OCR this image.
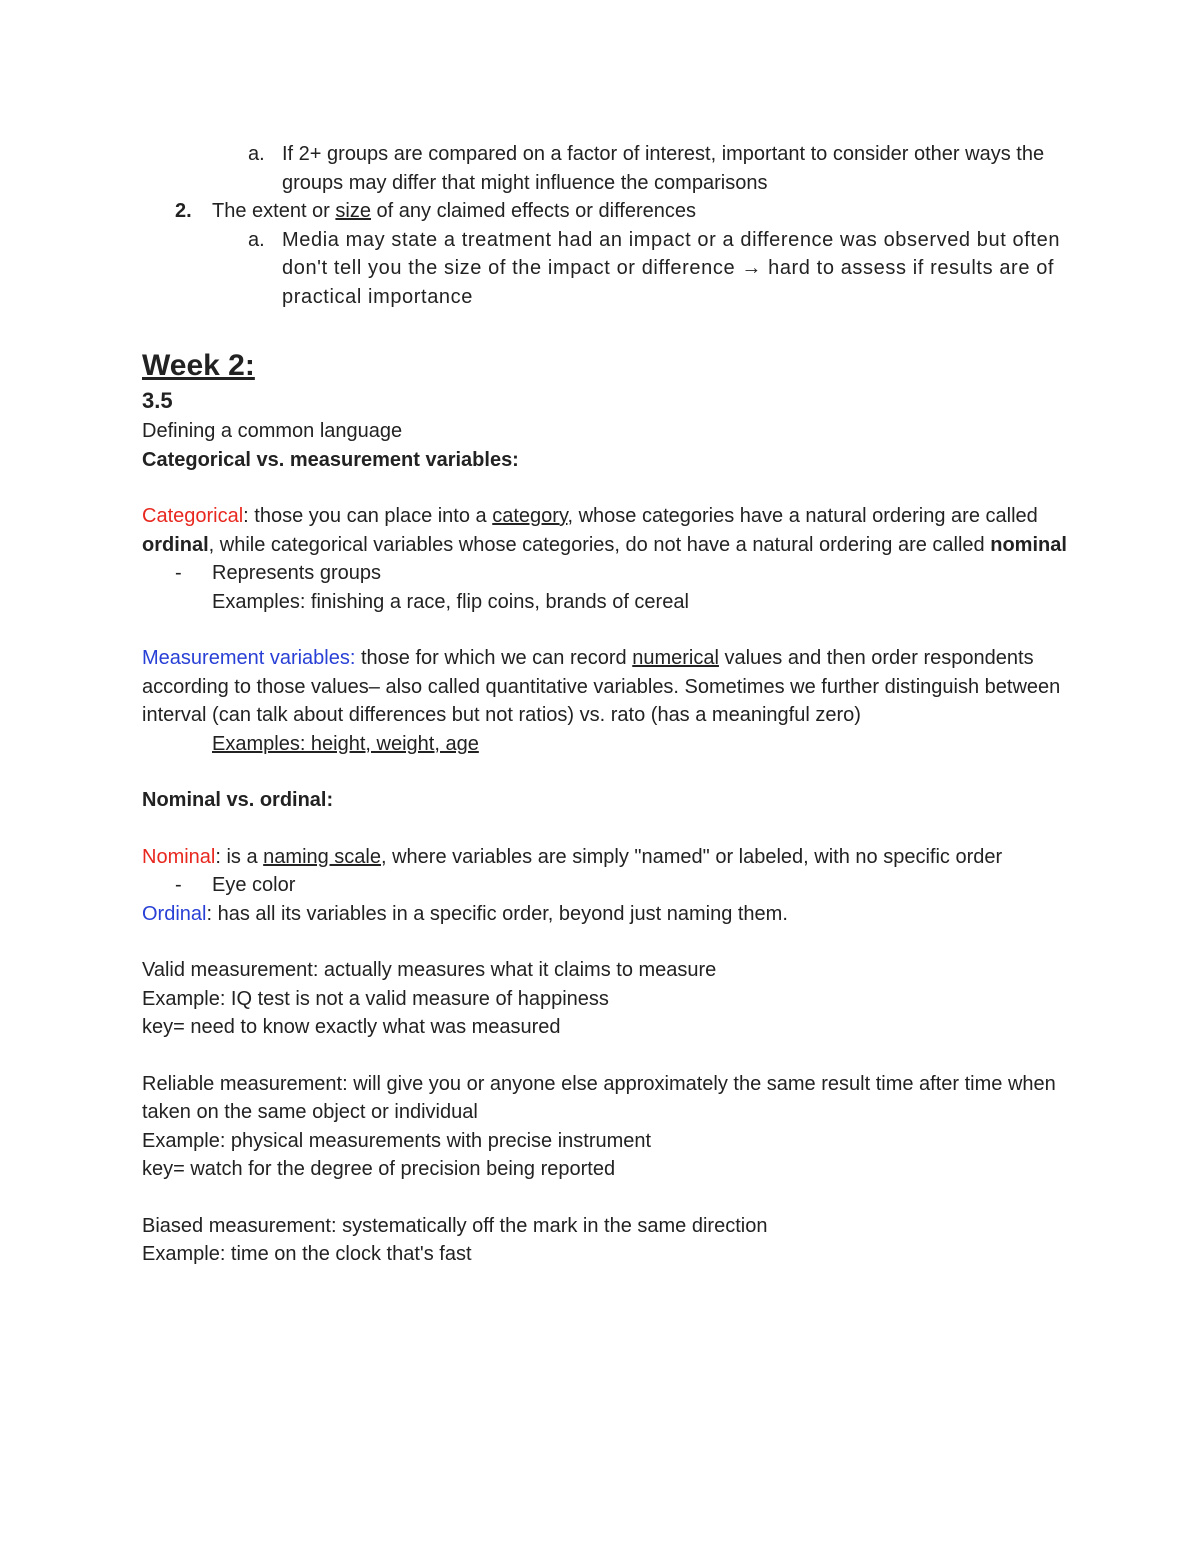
a. If 2+ groups are compared on a factor of interest, important to consider other ways the groups may differ that might influence the comparisons

2.	The extent or size of any claimed effects or differences

a. Media may state a treatment had an impact or a difference was observed but often don't tell you the size of the impact or difference → hard to assess if results are of practical importance

Week 2:

3.5

Defining a common language

Categorical vs. measurement variables:

Categorical: those you can place into a category, whose categories have a natural ordering are called ordinal, while categorical variables whose categories, do not have a natural ordering are called nominal

- Represents groups

Examples: finishing a race, flip coins, brands of cereal

Measurement variables: those for which we can record numerical values and then order respondents according to those values– also called quantitative variables. Sometimes we further distinguish between interval (can talk about differences but not ratios) vs. rato (has a meaningful zero)

Examples: height, weight, age

Nominal vs. ordinal:

Nominal: is a naming scale, where variables are simply "named" or labeled, with no specific order

- Eye color

Ordinal: has all its variables in a specific order, beyond just naming them.

Valid measurement: actually measures what it claims to measure

Example: IQ test is not a valid measure of happiness

key= need to know exactly what was measured

Reliable measurement: will give you or anyone else approximately the same result time after time when taken on the same object or individual

Example: physical measurements with precise instrument

key= watch for the degree of precision being reported

Biased measurement: systematically off the mark in the same direction

Example: time on the clock that's fast
